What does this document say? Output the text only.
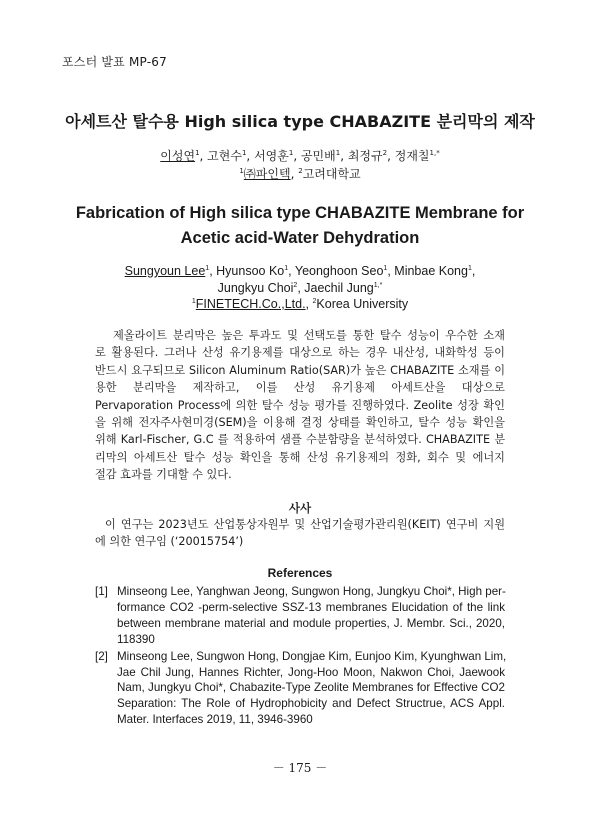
포스터 발표 MP-67
아세트산 탈수용 High silica type CHABAZITE 분리막의 제작
이성연$^1$, 고현수$^1$, 서영훈$^1$, 공민배$^1$, 최정규$^2$, 정재칠$^{1,*}$
$^1$㈜파인텍, $^2$고려대학교
Fabrication of High silica type CHABAZITE Membrane for
Acetic acid-Water Dehydration
Sungyoun Lee$^1$, Hyunsoo Ko$^1$, Yeonghoon Seo$^1$, Minbae Kong$^1$,
Jungkyu Choi$^2$, Jaechil Jung$^{1,*}$
$^1$FINETECH.Co.,Ltd., $^2$Korea University
제올라이트 분리막은 높은 투과도 및 선택도를 통한 탈수 성능이 우수한 소재
로 활용된다. 그러나 산성 유기용제를 대상으로 하는 경우 내산성, 내화학성 등이
반드시 요구되므로 Silicon Aluminum Ratio(SAR)가 높은 CHABAZITE 소재를 이
용한 분리막을 제작하고, 이를 산성 유기용제 아세트산을 대상으로
Pervaporation Process에 의한 탈수 성능 평가를 진행하였다. Zeolite 성장 확인
을 위해 전자주사현미경(SEM)을 이용해 결정 상태를 확인하고, 탈수 성능 확인을
위해 Karl-Fischer, G.C 를 적용하여 샘플 수분함량을 분석하였다. CHABAZITE 분
리막의 아세트산 탈수 성능 확인을 통해 산성 유기용제의 정화, 회수 및 에너지
절감 효과를 기대할 수 있다.
사사
이 연구는 2023년도 산업통상자원부 및 산업기술평가관리원(KEIT) 연구비 지원
에 의한 연구임 (‘20015754’)
References
[1] Minseong Lee, Yanghwan Jeong, Sungwon Hong, Jungkyu Choi*, High per-
formance CO2 -perm-selective SSZ-13 membranes Elucidation of the link
between membrane material and module properties, J. Membr. Sci., 2020,
118390
[2] Minseong Lee, Sungwon Hong, Dongjae Kim, Eunjoo Kim, Kyunghwan Lim,
Jae Chil Jung, Hannes Richter, Jong-Hoo Moon, Nakwon Choi, Jaewook
Nam, Jungkyu Choi*, Chabazite-Type Zeolite Membranes for Effective CO2
Separation: The Role of Hydrophobicity and Defect Structrue, ACS Appl.
Mater. Interfaces 2019, 11, 3946-3960
－ 175 －
